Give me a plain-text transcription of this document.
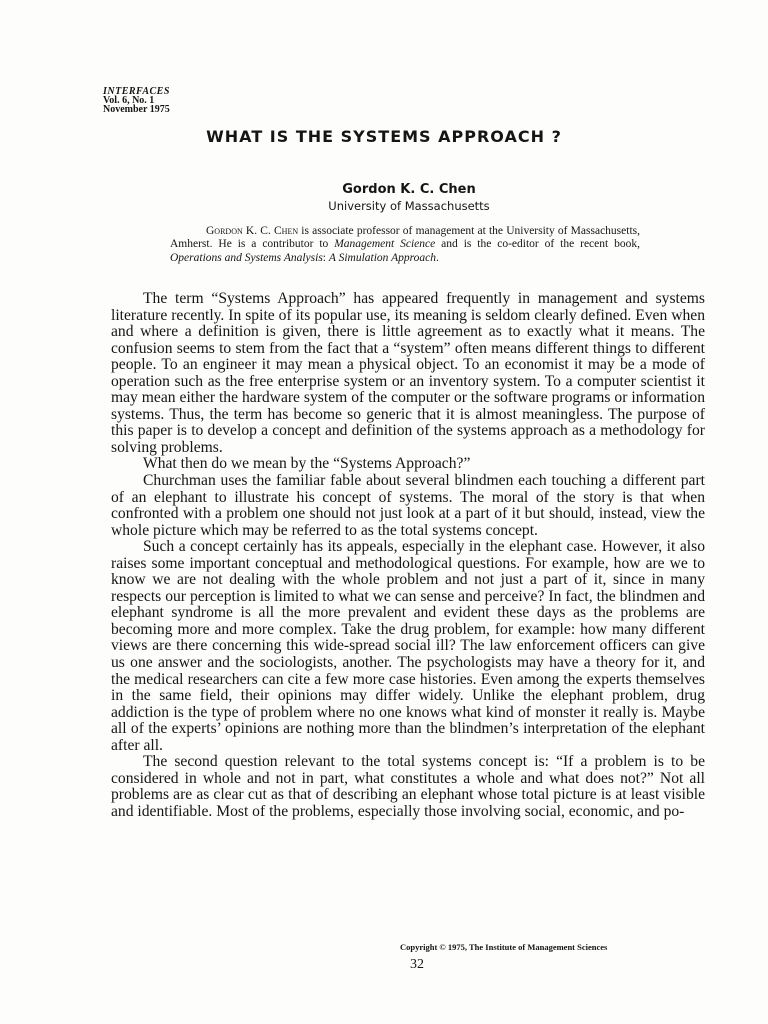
INTERFACES
Vol. 6, No. 1
November 1975
WHAT IS THE SYSTEMS APPROACH ?
Gordon K. C. Chen
University of Massachusetts
Gordon K. C. Chen is associate professor of management at the University of Massachusetts, Amherst. He is a contributor to Management Science and is the co-editor of the recent book, Operations and Systems Analysis: A Simulation Approach.

The term “Systems Approach” has appeared frequently in management and systems literature recently. In spite of its popular use, its meaning is seldom clearly defined. Even when and where a definition is given, there is little agreement as to exactly what it means. The confusion seems to stem from the fact that a “system” often means different things to different people. To an engineer it may mean a physical object. To an economist it may be a mode of operation such as the free enterprise system or an inventory system. To a computer scientist it may mean either the hardware system of the computer or the software programs or information systems. Thus, the term has become so generic that it is almost meaningless. The purpose of this paper is to develop a concept and definition of the systems approach as a methodology for solving problems.

What then do we mean by the “Systems Approach?”

Churchman uses the familiar fable about several blindmen each touching a different part of an elephant to illustrate his concept of systems. The moral of the story is that when confronted with a problem one should not just look at a part of it but should, instead, view the whole picture which may be referred to as the total systems concept.

Such a concept certainly has its appeals, especially in the elephant case. However, it also raises some important conceptual and methodological questions. For example, how are we to know we are not dealing with the whole problem and not just a part of it, since in many respects our perception is limited to what we can sense and perceive? In fact, the blindmen and elephant syndrome is all the more prevalent and evident these days as the problems are becoming more and more complex. Take the drug problem, for example: how many different views are there concerning this wide-spread social ill? The law enforcement officers can give us one answer and the sociologists, another. The psychologists may have a theory for it, and the medical researchers can cite a few more case histories. Even among the experts themselves in the same field, their opinions may differ widely. Unlike the elephant problem, drug addiction is the type of problem where no one knows what kind of monster it really is. Maybe all of the experts’ opinions are nothing more than the blindmen’s interpretation of the elephant after all.

The second question relevant to the total systems concept is: “If a problem is to be considered in whole and not in part, what constitutes a whole and what does not?” Not all problems are as clear cut as that of describing an elephant whose total picture is at least visible and identifiable. Most of the problems, especially those involving social, economic, and po-

Copyright © 1975, The Institute of Management Sciences
32
